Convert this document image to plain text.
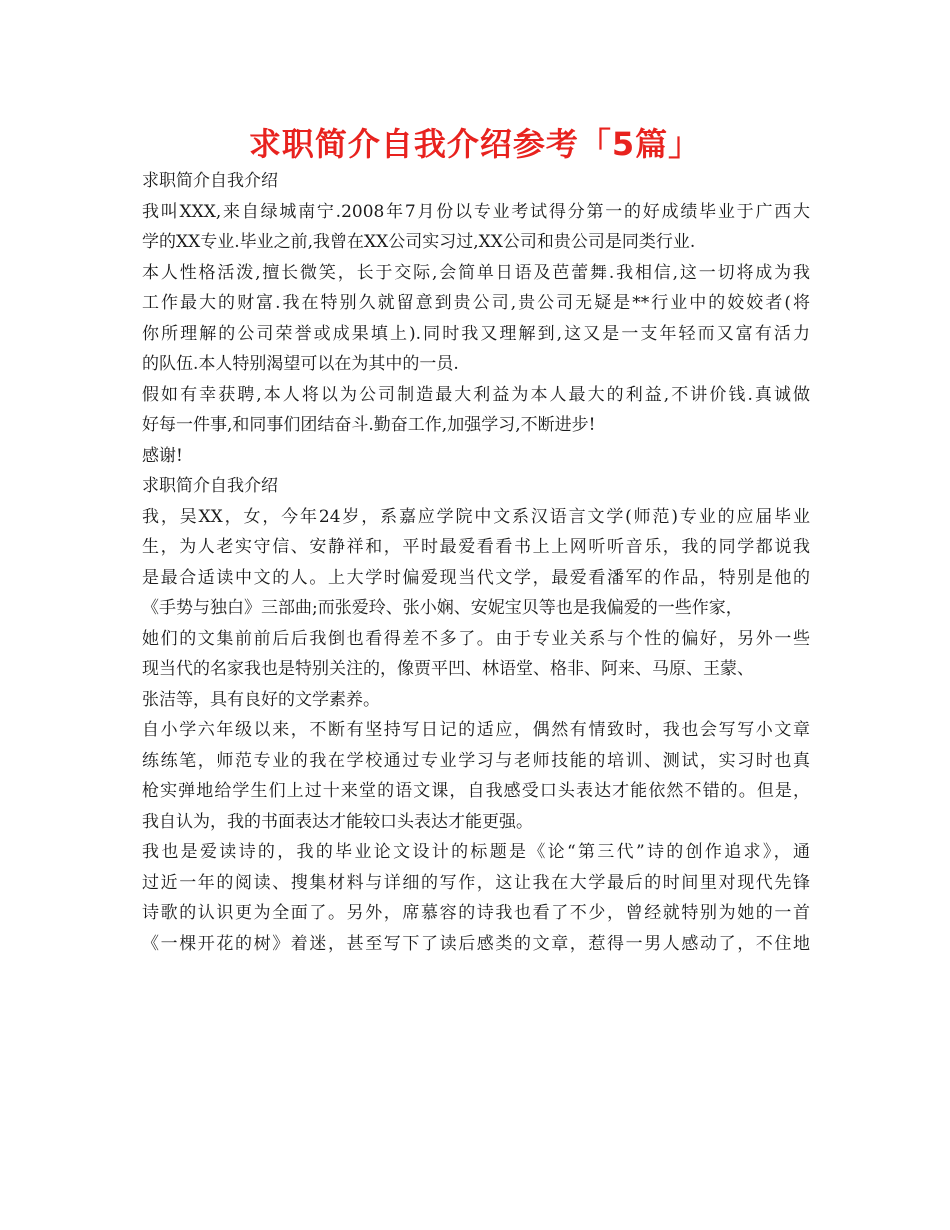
求职简介自我介绍参考「5篇」
求职简介自我介绍
我叫XXX,来自绿城南宁.2008年7月份以专业考试得分第一的好成绩毕业于广西大
学的XX专业.毕业之前,我曾在XX公司实习过,XX公司和贵公司是同类行业.
本人性格活泼,擅长微笑，长于交际,会简单日语及芭蕾舞.我相信,这一切将成为我
工作最大的财富.我在特别久就留意到贵公司,贵公司无疑是**行业中的姣姣者(将
你所理解的公司荣誉或成果填上).同时我又理解到,这又是一支年轻而又富有活力
的队伍.本人特别渴望可以在为其中的一员.
假如有幸获聘,本人将以为公司制造最大利益为本人最大的利益,不讲价钱.真诚做
好每一件事,和同事们团结奋斗.勤奋工作,加强学习,不断进步!
感谢!
求职简介自我介绍
我，吴XX，女，今年24岁，系嘉应学院中文系汉语言文学(师范)专业的应届毕业
生，为人老实守信、安静祥和，平时最爱看看书上上网听听音乐，我的同学都说我
是最合适读中文的人。上大学时偏爱现当代文学，最爱看潘军的作品，特别是他的
《手势与独白》三部曲;而张爱玲、张小娴、安妮宝贝等也是我偏爱的一些作家，
她们的文集前前后后我倒也看得差不多了。由于专业关系与个性的偏好，另外一些
现当代的名家我也是特别关注的，像贾平凹、林语堂、格非、阿来、马原、王蒙、
张洁等，具有良好的文学素养。
自小学六年级以来，不断有坚持写日记的适应，偶然有情致时，我也会写写小文章
练练笔，师范专业的我在学校通过专业学习与老师技能的培训、测试，实习时也真
枪实弹地给学生们上过十来堂的语文课，自我感受口头表达才能依然不错的。但是，
我自认为，我的书面表达才能较口头表达才能更强。
我也是爱读诗的，我的毕业论文设计的标题是《论“第三代”诗的创作追求》，通
过近一年的阅读、搜集材料与详细的写作，这让我在大学最后的时间里对现代先锋
诗歌的认识更为全面了。另外，席慕容的诗我也看了不少，曾经就特别为她的一首
《一棵开花的树》着迷，甚至写下了读后感类的文章，惹得一男人感动了，不住地
